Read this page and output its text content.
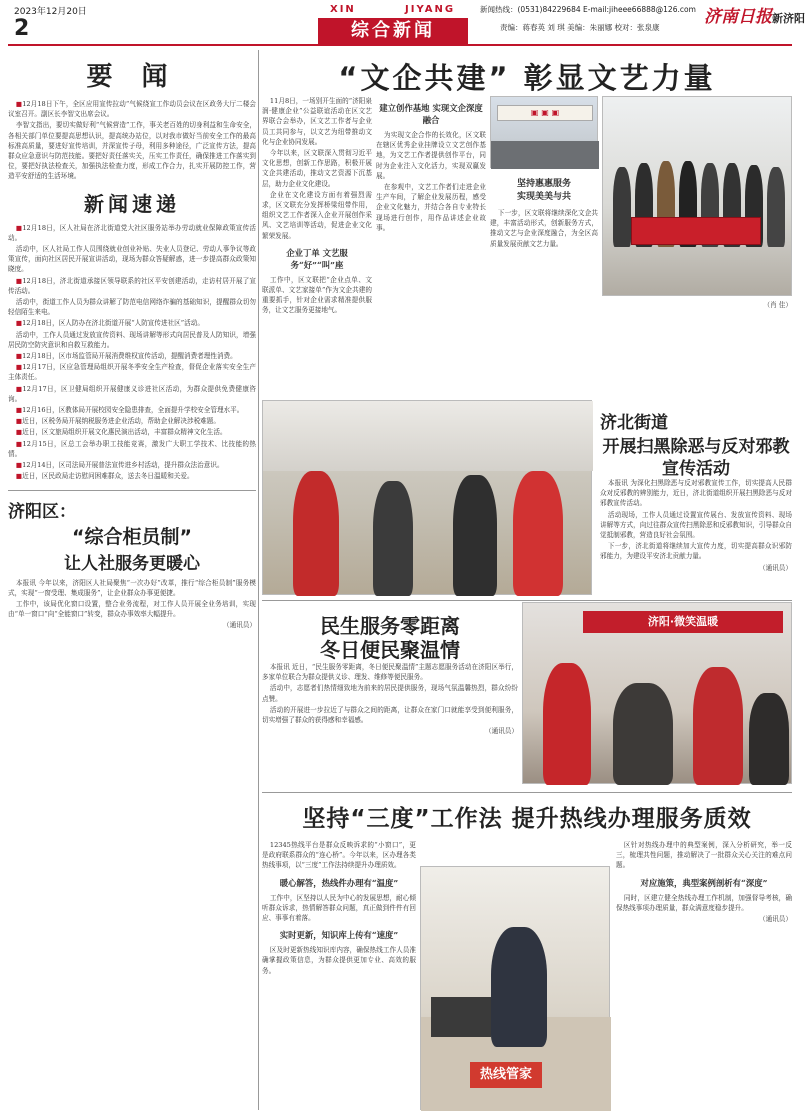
2023年12月20日
2
XIN	JIYANG
综合新闻
新闻热线：(0531)84229684 E-mail:jiheee66888@126.com
责编：蒋春英 刘 琪 美编：朱丽娜 校对：张泉康
济南日报新济阳
要 闻

■12月18日下午，全区应用宣传拉动“气候绕宣工作动员会议在区政务大厅二楼会议室召开。副区长李智文出席会议。

李智文指出，要切实做好利“气候营造”工作，事关老百姓的切身利益和生命安全，各相关部门单位要提高思想认识，提高统办站位，以对我市做好当前安全工作的最高标准高质量，要进好宣传培训，并深宣传子母，利用多种途径，广泛宣传方法，提高群众应急意识与防范技能。要把好责任落实关，压实工作责任，确保推进工作落实到位，要把好执法检查关，加强执法检查力度，形成工作合力，扎实开展防控工作，营造平安舒适的生活环境。

新闻速递

■12月18日，区人社局在济北街道党大社区服务站举办劳动就业保障政策宣传活动。

活动中，区人社局工作人员围绕就业创业补贴、失业人员登记、劳动人事争议等政策宣传，面向社区居民开展宣讲活动，现场为群众答疑解惑，进一步提高群众政策知晓度。

■12月18日，济北街道承接区领导联系的社区平安创建活动，走访村居开展了宣传活动。

活动中，街道工作人员为群众讲解了防范电信网络诈骗的基础知识，提醒群众切勿轻信陌生来电。

■12月18日，区人防办在济北街道开展“人防宣传进社区”活动。

活动中，工作人员通过发放宣传资料、现场讲解等形式向居民普及人防知识，增强居民防空防灾意识和自救互救能力。

■12月18日，区市场监管局开展消费维权宣传活动，提醒消费者理性消费。

■12月17日，区应急管理局组织开展冬季安全生产检查，督促企业落实安全生产主体责任。

■12月17日，区卫健局组织开展健康义诊进社区活动，为群众提供免费健康咨询。

■12月16日，区教体局开展校园安全隐患排查，全面提升学校安全管理水平。

■近日，区税务局开展纳税服务进企业活动，帮助企业解决涉税难题。

■近日，区文旅局组织开展文化惠民演出活动，丰富群众精神文化生活。

■12月15日，区总工会举办职工技能竞赛，激发广大职工学技术、比技能的热情。

■12月14日，区司法局开展普法宣传进乡村活动，提升群众法治意识。

■近日，区民政局走访慰问困难群众，送去冬日温暖和关爱。

济阳区：
“综合柜员制”
让人社服务更暖心

本报讯 今年以来，济阳区人社局聚焦“一次办好”改革，推行“综合柜员制”服务模式，实现“一窗受理、集成服务”，让企业群众办事更便捷。

工作中，该局优化窗口设置，整合业务流程，对工作人员开展全业务培训，实现由“单一窗口”向“全能窗口”转变，群众办事效率大幅提升。

（通讯员）

“文企共建” 彰显文艺力量

11月8日，一场别开生面的“济阳泉润·健康企业”公益联谊活动在区文艺界联合会举办，区文艺工作者与企业员工共同参与，以文艺为纽带推动文化与企业协同发展。

今年以来，区文联深入贯彻习近平文化思想，创新工作思路，积极开展文企共建活动，推动文艺资源下沉基层，助力企业文化建设。

企业在文化建设方面有着强烈需求，区文联充分发挥桥梁纽带作用，组织文艺工作者深入企业开展创作采风、文艺培训等活动，促进企业文化繁荣发展。

企业丁单 文艺服务“好”“叫”座

工作中，区文联把“企业点单、文联派单、文艺家接单”作为文企共建的重要抓手，针对企业需求精准提供服务，让文艺服务更接地气。

建立创作基地 实现文企深度融合

为实现文企合作的长效化，区文联在辖区优秀企业挂牌设立文艺创作基地，为文艺工作者提供创作平台，同时为企业注入文化活力，实现双赢发展。

在参观中，文艺工作者们走进企业生产车间，了解企业发展历程，感受企业文化魅力，并结合各自专业特长现场进行创作，用作品讲述企业故事。

▣ ▣ ▣
坚持惠惠服务
实现美美与共

下一步，区文联将继续深化文企共建，丰富活动形式，创新服务方式，推动文艺与企业深度融合，为全区高质量发展贡献文艺力量。

（肖 佳）

济北街道
开展扫黑除恶与反对邪教
宣传活动

本报讯 为深化扫黑除恶与反对邪教宣传工作，切实提高人民群众对反邪教的辨别能力，近日，济北街道组织开展扫黑除恶与反对邪教宣传活动。

活动现场，工作人员通过设置宣传展台、发放宣传资料、现场讲解等方式，向过往群众宣传扫黑除恶和反邪教知识，引导群众自觉抵制邪教，营造良好社会氛围。

下一步，济北街道将继续加大宣传力度，切实提高群众识邪防邪能力，为建设平安济北贡献力量。

（通讯员）

民生服务零距离
冬日便民聚温情

本报讯 近日，“民生服务零距离，冬日便民聚温情”主题志愿服务活动在济阳区举行，多家单位联合为群众提供义诊、理发、维修等便民服务。

活动中，志愿者们热情细致地为前来的居民提供服务，现场气氛温馨热烈，群众纷纷点赞。

活动的开展进一步拉近了与群众之间的距离，让群众在家门口就能享受到便利服务，切实增强了群众的获得感和幸福感。

（通讯员）

济阳·微笑温暖
坚持“三度”工作法 提升热线办理服务质效

12345热线平台是群众反映诉求的“小窗口”，更是政府联系群众的“连心桥”。今年以来，区办理各类热线事项，以“三度”工作法持续提升办理质效。

暖心解答，热线件办理有“温度”

工作中，区坚持以人民为中心的发展思想，耐心倾听群众诉求，热情解答群众问题，真正做到件件有回应、事事有着落。

实时更新，知识库上传有“速度”

区及时更新热线知识库内容，确保热线工作人员准确掌握政策信息，为群众提供更加专业、高效的服务。

热线管家

区针对热线办理中的典型案例，深入分析研究，举一反三，梳理共性问题，推动解决了一批群众关心关注的难点问题。

对应施策，典型案例剖析有“深度”

同时，区建立健全热线办理工作机制，加强督导考核，确保热线事项办理质量，群众满意度稳步提升。

（通讯员）
